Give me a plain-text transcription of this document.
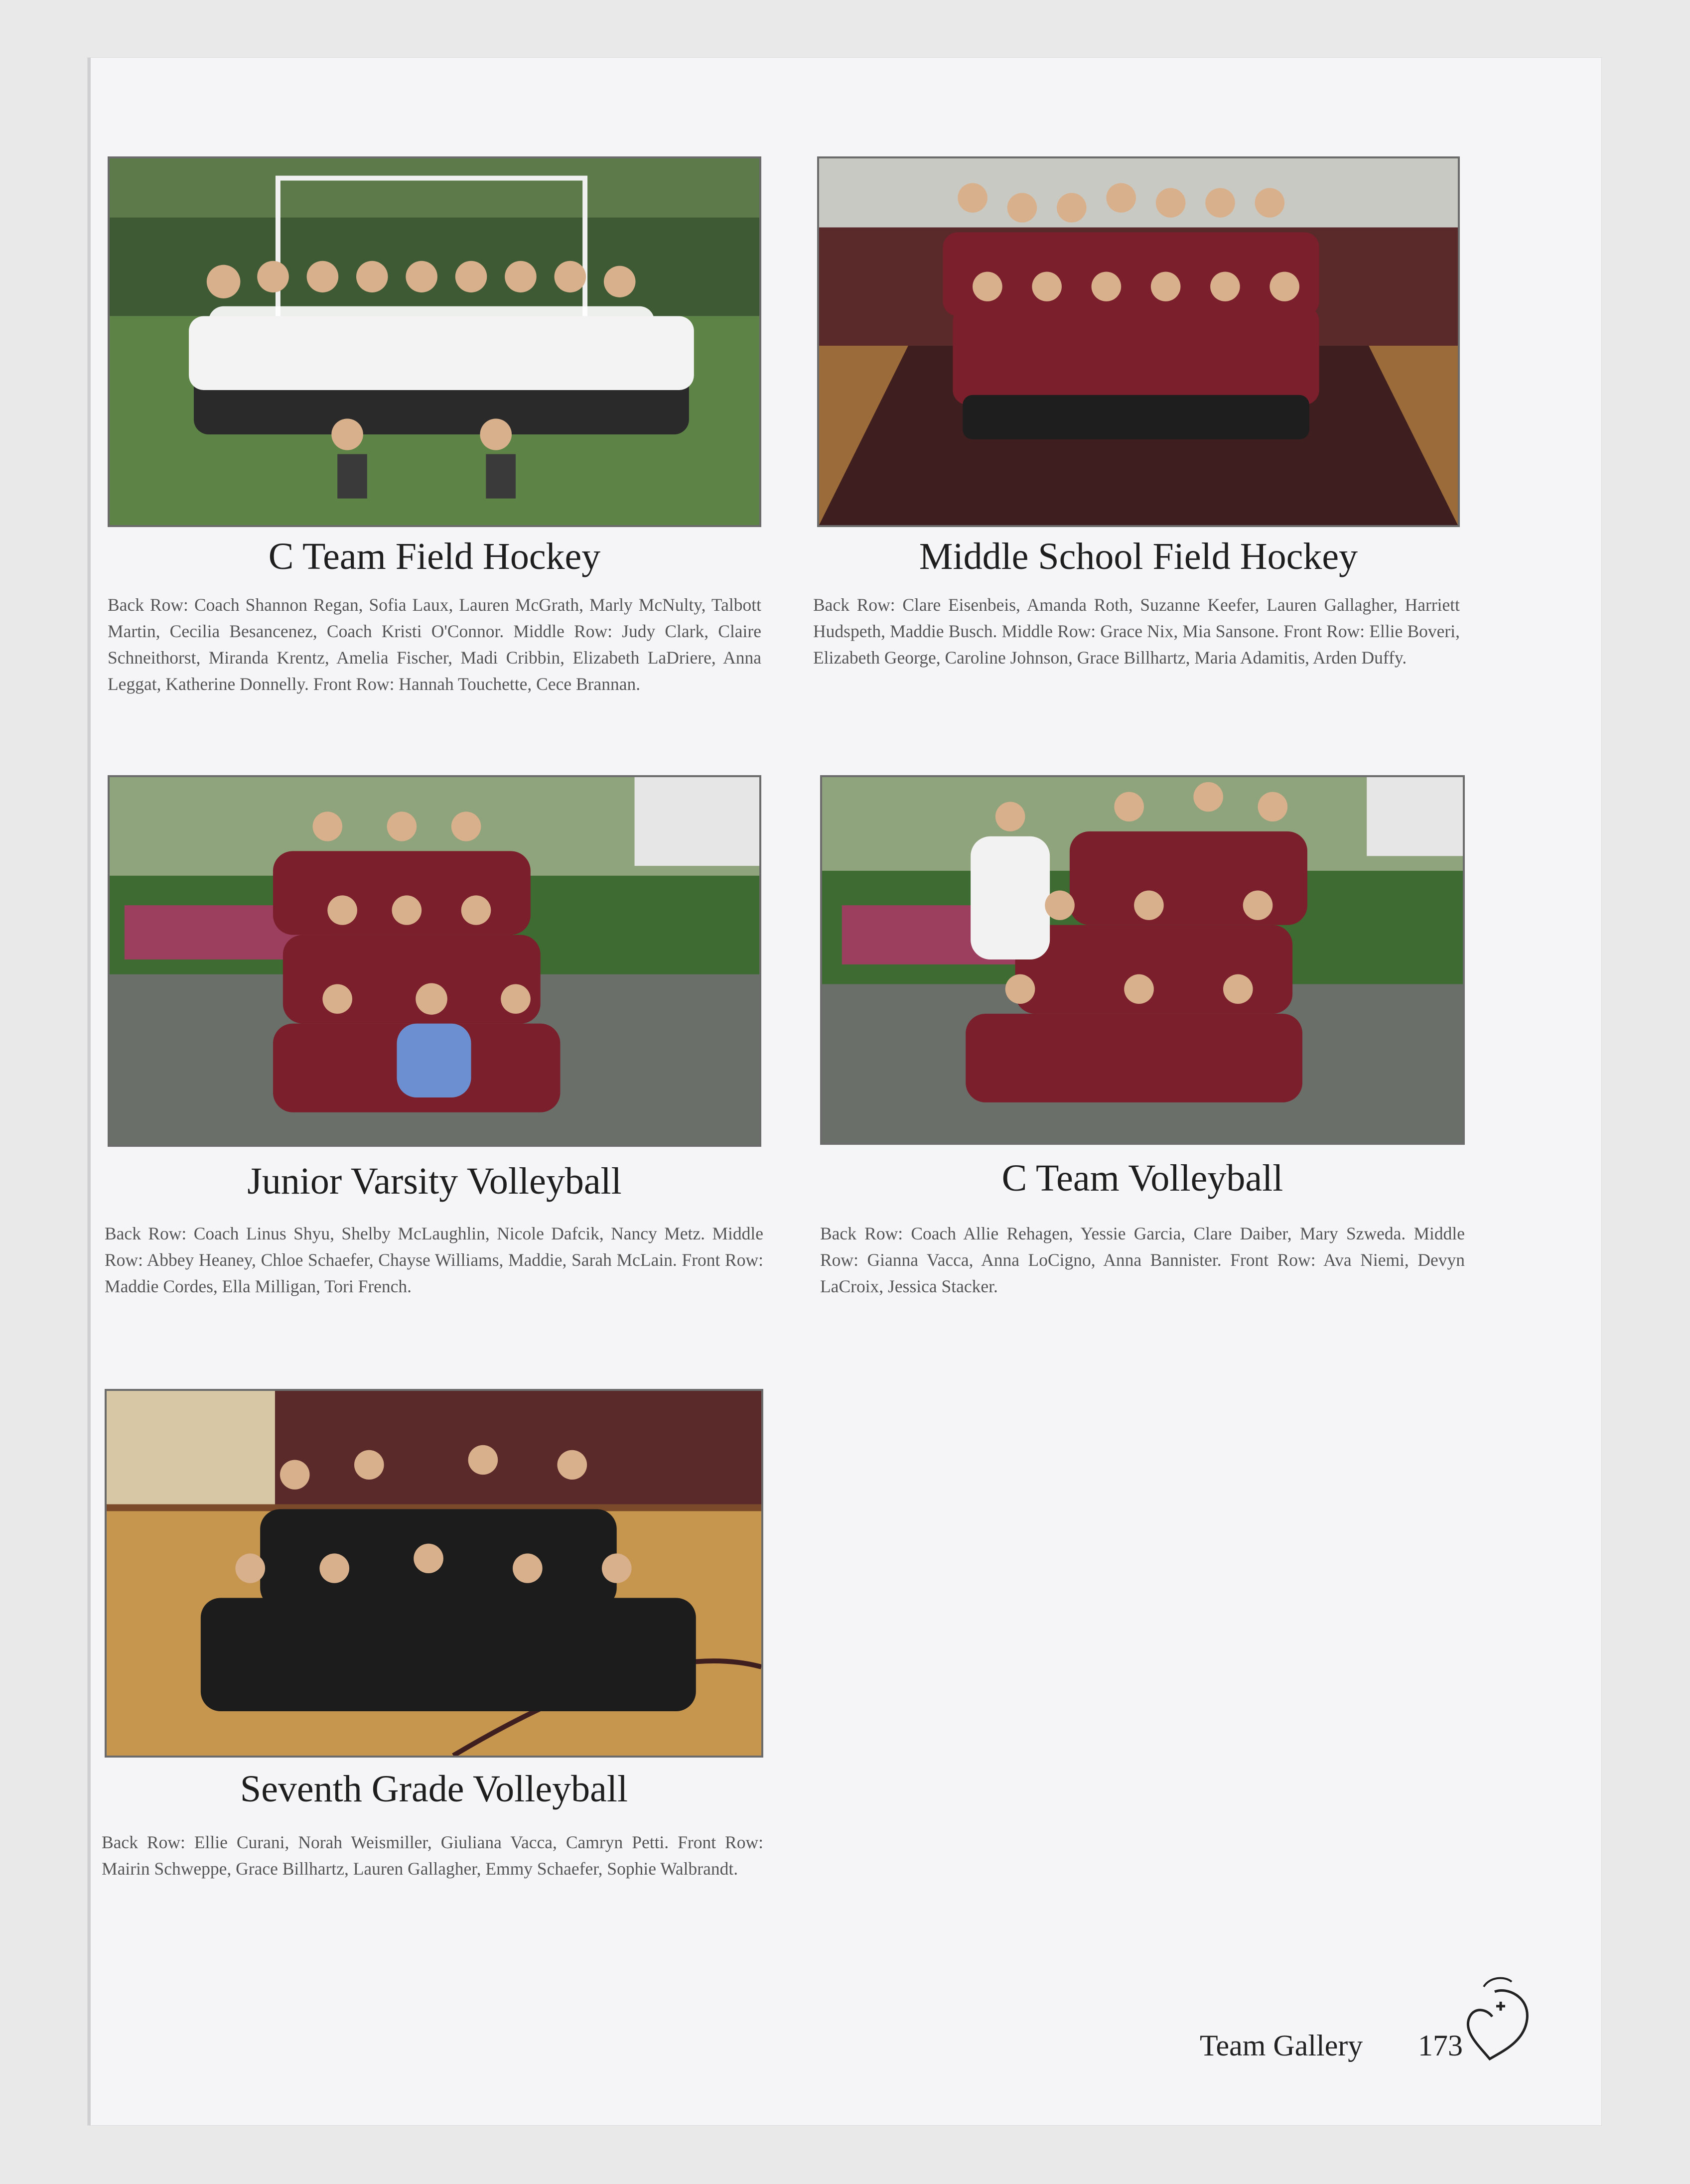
C Team Field Hockey
Back Row: Coach Shannon Regan, Sofia Laux, Lauren McGrath, Marly McNulty, Talbott Martin, Cecilia Besancenez, Coach Kristi O'Connor. Middle Row: Judy Clark, Claire Schneithorst, Miranda Krentz, Amelia Fischer, Madi Cribbin, Elizabeth LaDriere, Anna Leggat, Katherine Donnelly. Front Row: Hannah Touchette, Cece Brannan.
Middle School Field Hockey
Back Row: Clare Eisenbeis, Amanda Roth, Suzanne Keefer, Lauren Gallagher, Harriett Hudspeth, Maddie Busch. Middle Row: Grace Nix, Mia Sansone. Front Row: Ellie Boveri, Elizabeth George, Caroline Johnson, Grace Billhartz, Maria Adamitis, Arden Duffy.
Junior Varsity Volleyball
Back Row: Coach Linus Shyu, Shelby McLaughlin, Nicole Dafcik, Nancy Metz. Middle Row: Abbey Heaney, Chloe Schaefer, Chayse Williams, Maddie, Sarah McLain. Front Row: Maddie Cordes, Ella Milligan, Tori French.
C Team Volleyball
Back Row: Coach Allie Rehagen, Yessie Garcia, Clare Daiber, Mary Szweda. Middle Row: Gianna Vacca, Anna LoCigno, Anna Bannister. Front Row: Ava Niemi, Devyn LaCroix, Jessica Stacker.
Seventh Grade Volleyball
Back Row: Ellie Curani, Norah Weismiller, Giuliana Vacca, Camryn Petti. Front Row: Mairin Schweppe, Grace Billhartz, Lauren Gallagher, Emmy Schaefer, Sophie Walbrandt.
Team Gallery 173
